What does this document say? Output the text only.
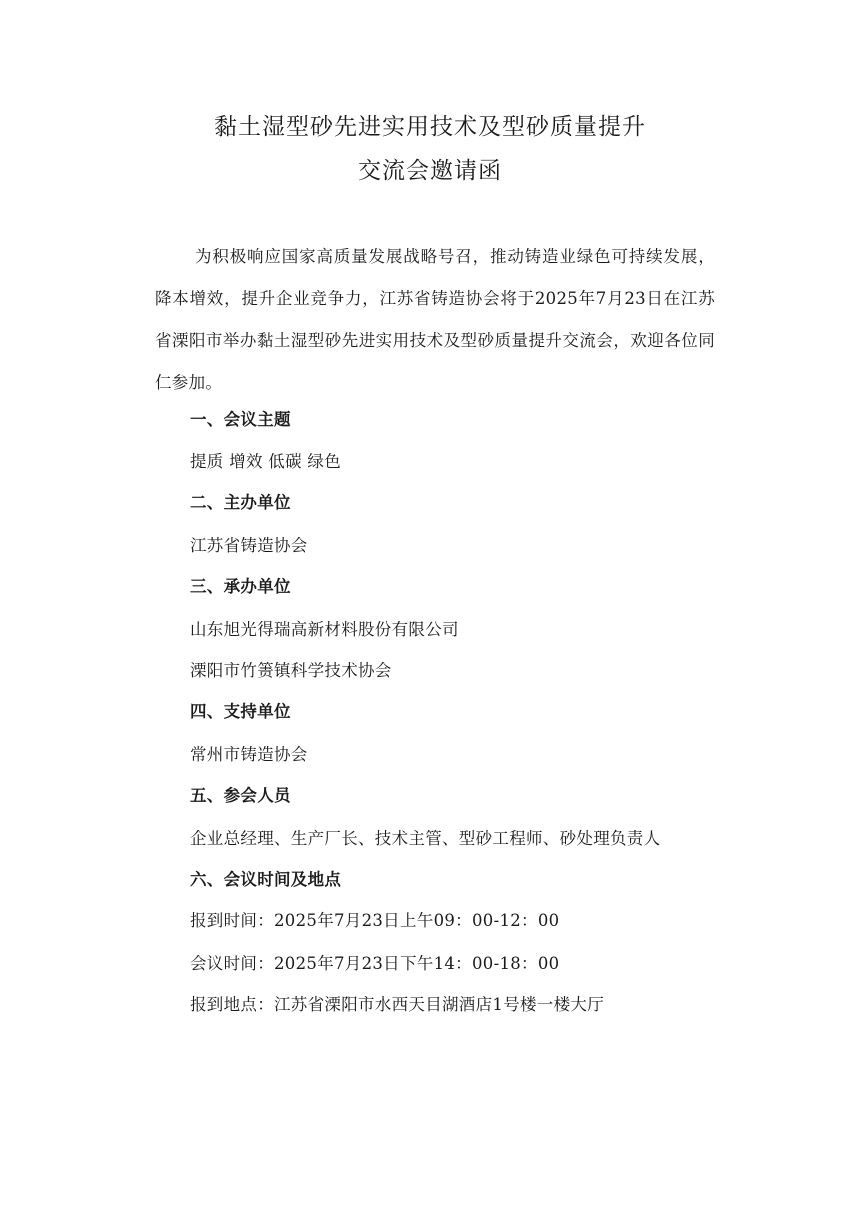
黏土湿型砂先进实用技术及型砂质量提升
交流会邀请函
为积极响应国家高质量发展战略号召，推动铸造业绿色可持续发展，降本增效，提升企业竞争力，江苏省铸造协会将于2025年7月23日在江苏省溧阳市举办黏土湿型砂先进实用技术及型砂质量提升交流会，欢迎各位同仁参加。
一、会议主题
提质 增效 低碳 绿色
二、主办单位
江苏省铸造协会
三、承办单位
山东旭光得瑞高新材料股份有限公司
溧阳市竹箦镇科学技术协会
四、支持单位
常州市铸造协会
五、参会人员
企业总经理、生产厂长、技术主管、型砂工程师、砂处理负责人
六、会议时间及地点
报到时间：2025年7月23日上午09：00-12：00
会议时间：2025年7月23日下午14：00-18：00
报到地点：江苏省溧阳市水西天目湖酒店1号楼一楼大厅
